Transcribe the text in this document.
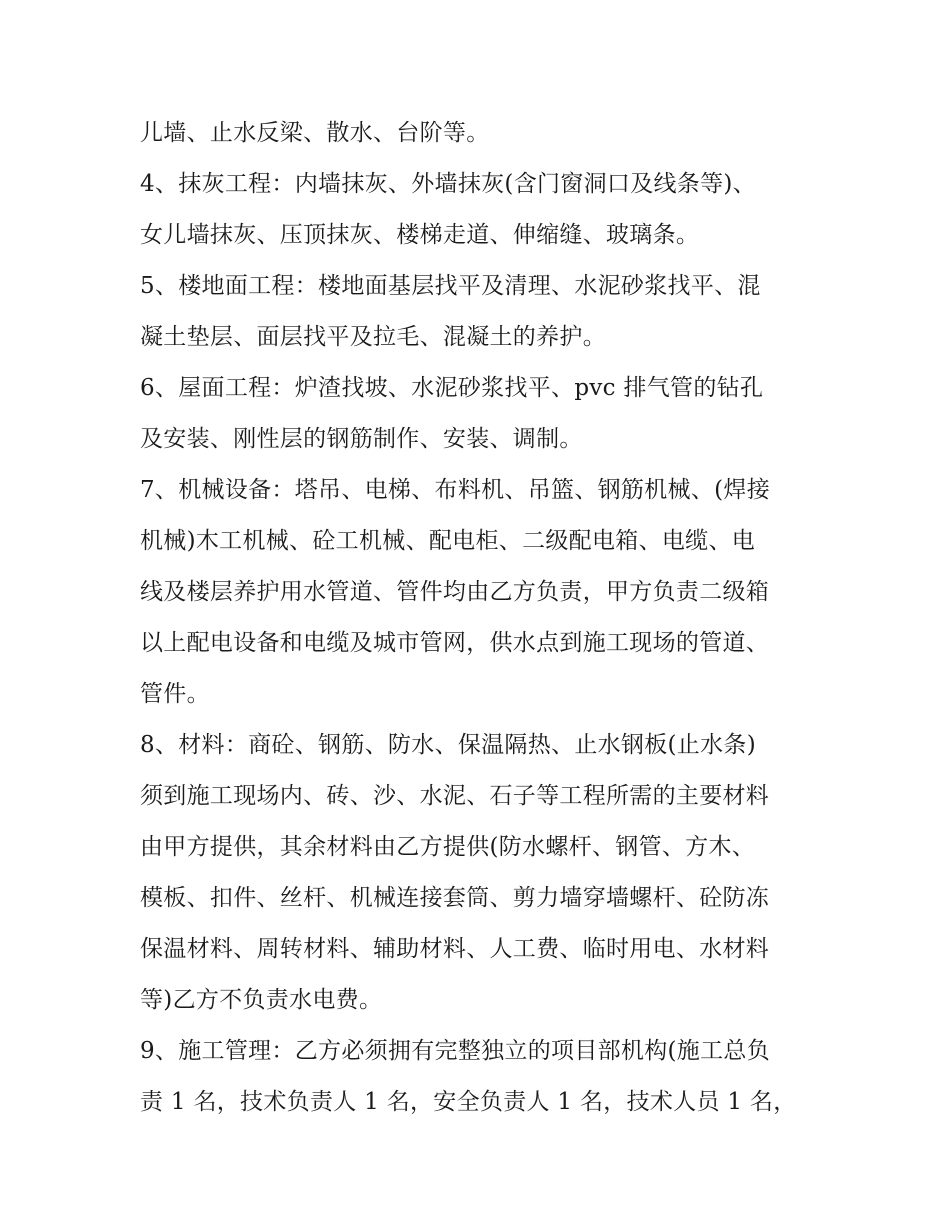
儿墙、止水反梁、散水、台阶等。
4、抹灰工程：内墙抹灰、外墙抹灰(含门窗洞口及线条等)、
女儿墙抹灰、压顶抹灰、楼梯走道、伸缩缝、玻璃条。
5、楼地面工程：楼地面基层找平及清理、水泥砂浆找平、混
凝土垫层、面层找平及拉毛、混凝土的养护。
6、屋面工程：炉渣找坡、水泥砂浆找平、pvc 排气管的钻孔
及安装、刚性层的钢筋制作、安装、调制。
7、机械设备：塔吊、电梯、布料机、吊篮、钢筋机械、(焊接
机械)木工机械、砼工机械、配电柜、二级配电箱、电缆、电
线及楼层养护用水管道、管件均由乙方负责，甲方负责二级箱
以上配电设备和电缆及城市管网，供水点到施工现场的管道、
管件。
8、材料：商砼、钢筋、防水、保温隔热、止水钢板(止水条)
须到施工现场内、砖、沙、水泥、石子等工程所需的主要材料
由甲方提供，其余材料由乙方提供(防水螺杆、钢管、方木、
模板、扣件、丝杆、机械连接套筒、剪力墙穿墙螺杆、砼防冻
保温材料、周转材料、辅助材料、人工费、临时用电、水材料
等)乙方不负责水电费。
9、施工管理：乙方必须拥有完整独立的项目部机构(施工总负
责 1 名，技术负责人 1 名，安全负责人 1 名，技术人员 1 名，
